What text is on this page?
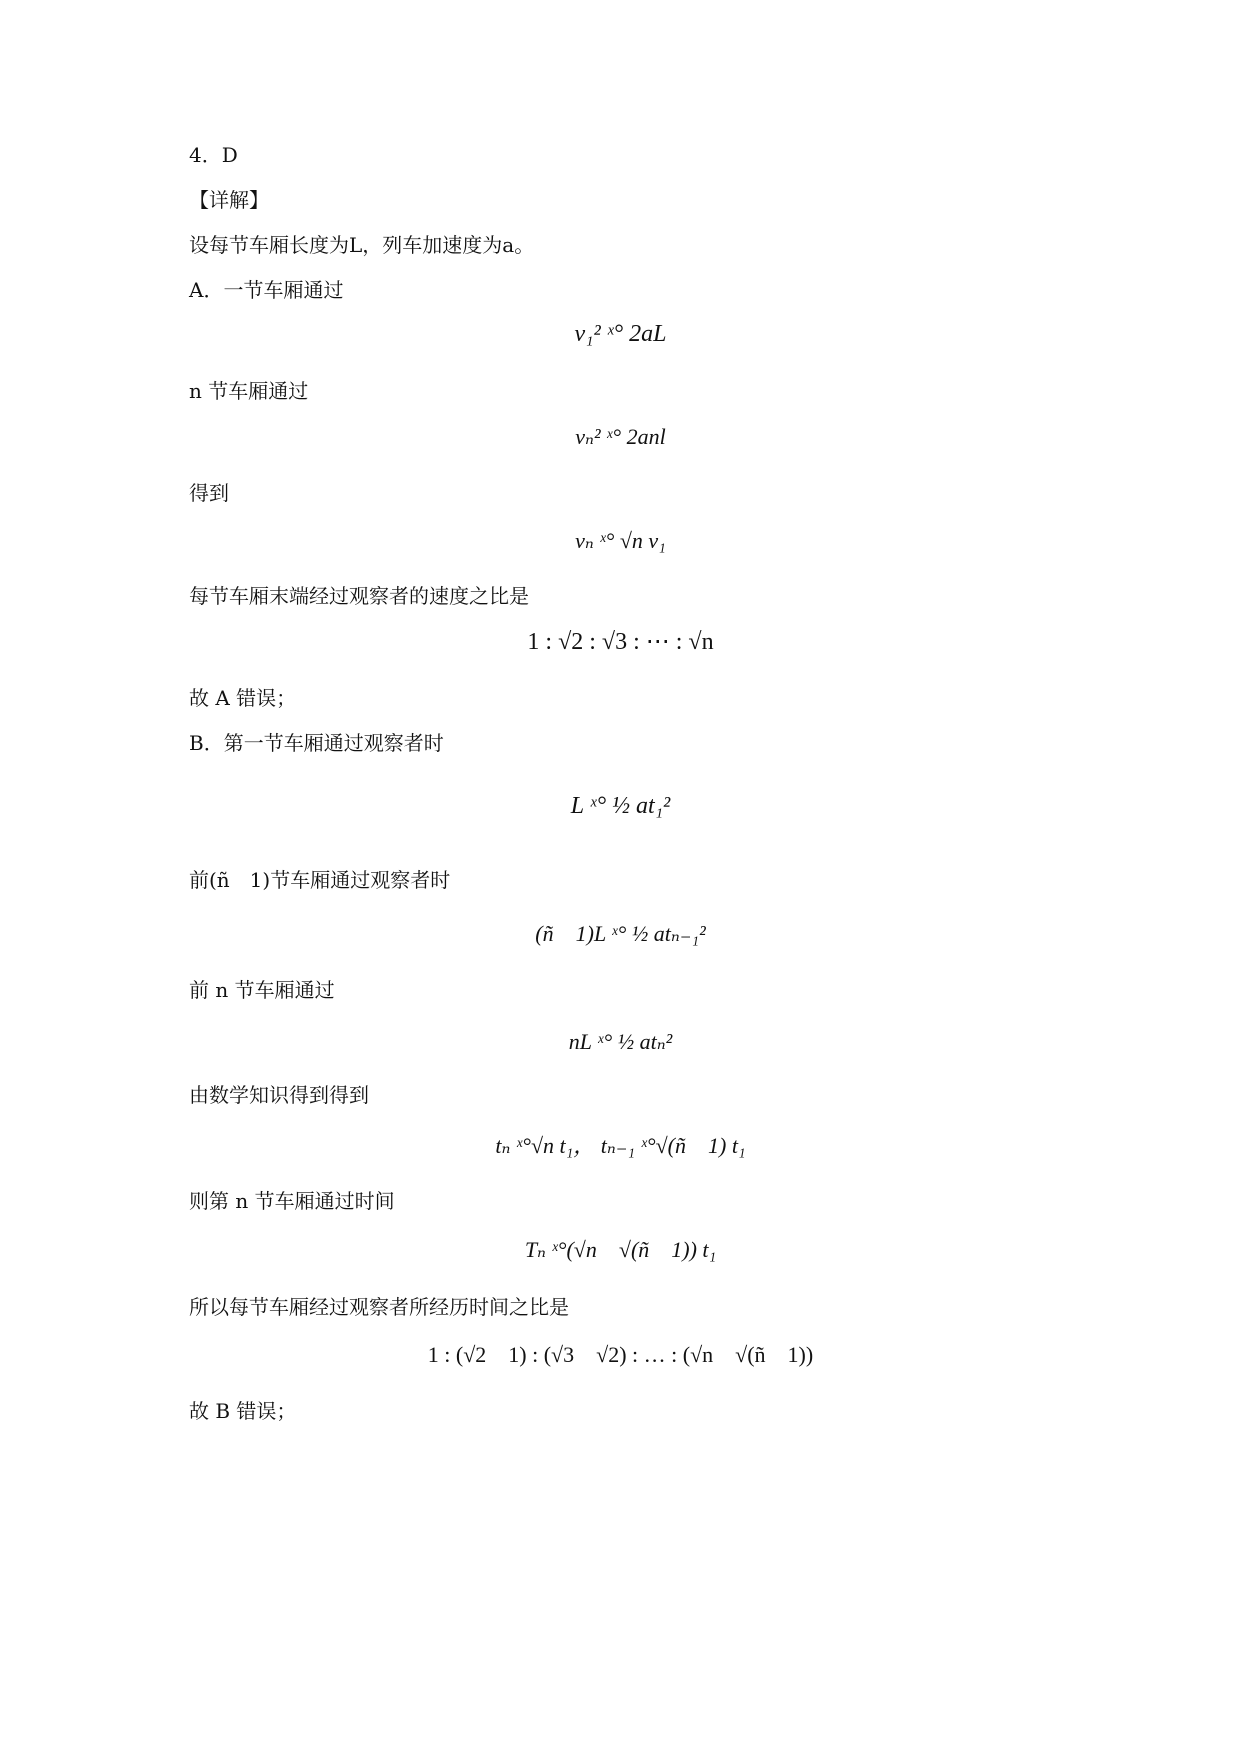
4．D
【详解】
设每节车厢长度为L，列车加速度为a。
A．一节车厢通过
v₁² ˣ° 2aL
n 节车厢通过
vₙ² ˣ° 2anl
得到
vₙ ˣ° √n v₁
每节车厢末端经过观察者的速度之比是
1 : √2 : √3 : ⋯ : √n
故 A 错误；
B．第一节车厢通过观察者时
L ˣ° ½ at₁²
前(ñ　1)节车厢通过观察者时
(ñ　1)L ˣ° ½ atₙ₋₁²
前 n 节车厢通过
nL ˣ° ½ atₙ²
由数学知识得到得到
tₙ ˣ°√n t₁， tₙ₋₁ ˣ°√(ñ　1) t₁
则第 n 节车厢通过时间
Tₙ ˣ°(√n　√(ñ　1)) t₁
所以每节车厢经过观察者所经历时间之比是
1 : (√2　1) : (√3　√2) : … : (√n　√(ñ　1))
故 B 错误；
